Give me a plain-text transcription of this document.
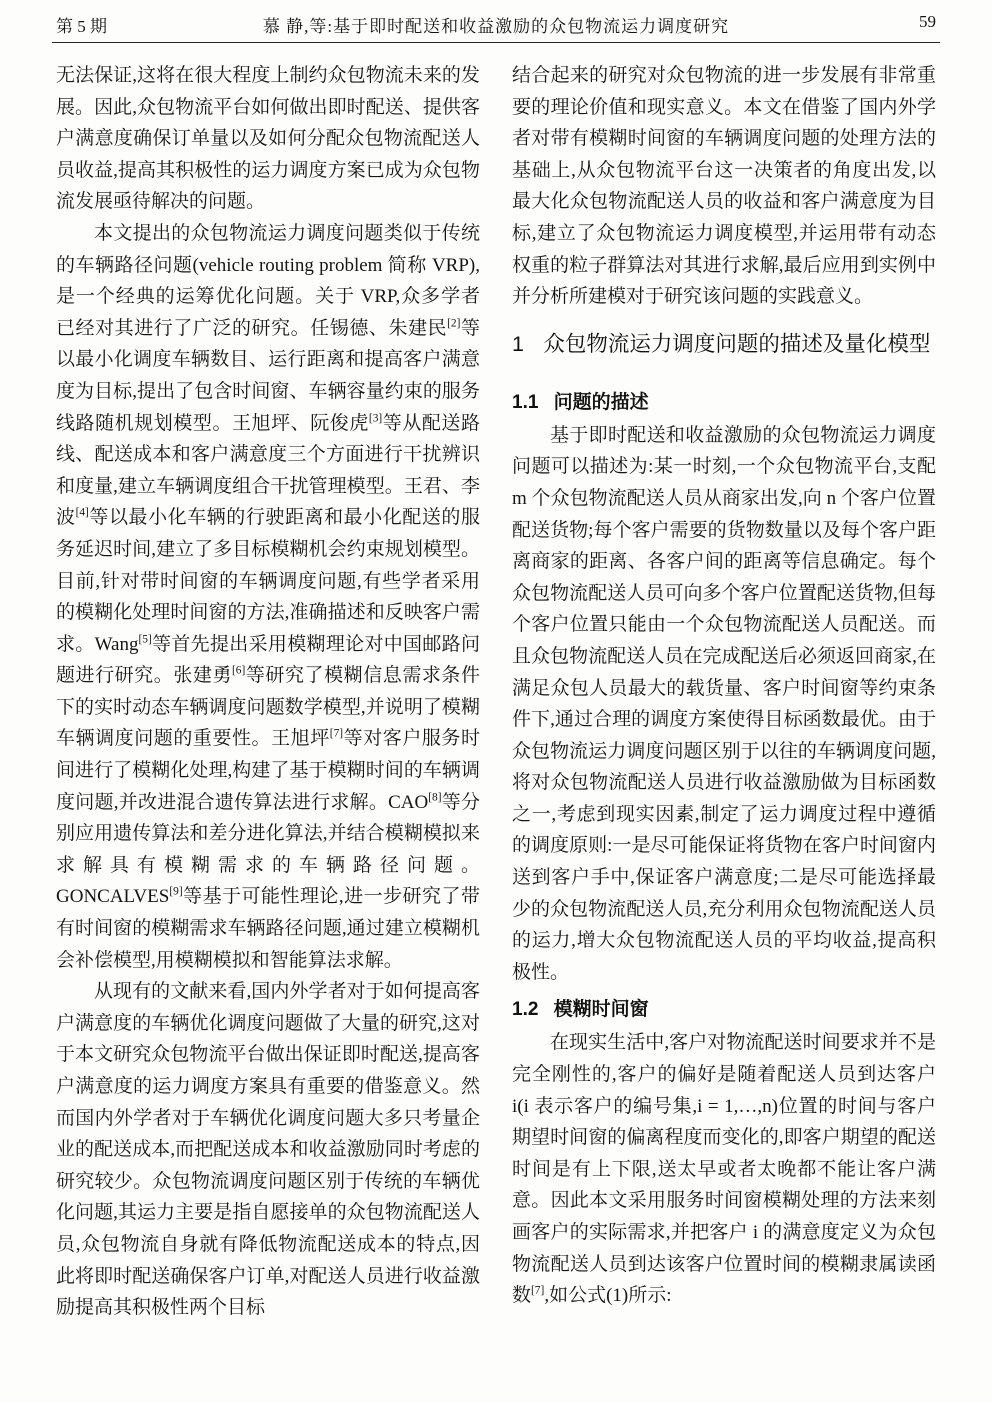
第 5 期	慕 静,等:基于即时配送和收益激励的众包物流运力调度研究	59

无法保证,这将在很大程度上制约众包物流未来的发展。因此,众包物流平台如何做出即时配送、提供客户满意度确保订单量以及如何分配众包物流配送人员收益,提高其积极性的运力调度方案已成为众包物流发展亟待解决的问题。

本文提出的众包物流运力调度问题类似于传统的车辆路径问题(vehicle routing problem 简称 VRP),是一个经典的运筹优化问题。关于 VRP,众多学者已经对其进行了广泛的研究。任锡德、朱建民[2]等以最小化调度车辆数目、运行距离和提高客户满意度为目标,提出了包含时间窗、车辆容量约束的服务线路随机规划模型。王旭坪、阮俊虎[3]等从配送路线、配送成本和客户满意度三个方面进行干扰辨识和度量,建立车辆调度组合干扰管理模型。王君、李波[4]等以最小化车辆的行驶距离和最小化配送的服务延迟时间,建立了多目标模糊机会约束规划模型。目前,针对带时间窗的车辆调度问题,有些学者采用的模糊化处理时间窗的方法,准确描述和反映客户需求。Wang[5]等首先提出采用模糊理论对中国邮路问题进行研究。张建勇[6]等研究了模糊信息需求条件下的实时动态车辆调度问题数学模型,并说明了模糊车辆调度问题的重要性。王旭坪[7]等对客户服务时间进行了模糊化处理,构建了基于模糊时间的车辆调度问题,并改进混合遗传算法进行求解。CAO[8]等分别应用遗传算法和差分进化算法,并结合模糊模拟来求解具有模糊需求的车辆路径问题。GONCALVES[9]等基于可能性理论,进一步研究了带有时间窗的模糊需求车辆路径问题,通过建立模糊机会补偿模型,用模糊模拟和智能算法求解。

从现有的文献来看,国内外学者对于如何提高客户满意度的车辆优化调度问题做了大量的研究,这对于本文研究众包物流平台做出保证即时配送,提高客户满意度的运力调度方案具有重要的借鉴意义。然而国内外学者对于车辆优化调度问题大多只考量企业的配送成本,而把配送成本和收益激励同时考虑的研究较少。众包物流调度问题区别于传统的车辆优化问题,其运力主要是指自愿接单的众包物流配送人员,众包物流自身就有降低物流配送成本的特点,因此将即时配送确保客户订单,对配送人员进行收益激励提高其积极性两个目标

结合起来的研究对众包物流的进一步发展有非常重要的理论价值和现实意义。本文在借鉴了国内外学者对带有模糊时间窗的车辆调度问题的处理方法的基础上,从众包物流平台这一决策者的角度出发,以最大化众包物流配送人员的收益和客户满意度为目标,建立了众包物流运力调度模型,并运用带有动态权重的粒子群算法对其进行求解,最后应用到实例中并分析所建模对于研究该问题的实践意义。

1 众包物流运力调度问题的描述及量化模型
1.1 问题的描述

基于即时配送和收益激励的众包物流运力调度问题可以描述为:某一时刻,一个众包物流平台,支配 m 个众包物流配送人员从商家出发,向 n 个客户位置配送货物;每个客户需要的货物数量以及每个客户距离商家的距离、各客户间的距离等信息确定。每个众包物流配送人员可向多个客户位置配送货物,但每个客户位置只能由一个众包物流配送人员配送。而且众包物流配送人员在完成配送后必须返回商家,在满足众包人员最大的载货量、客户时间窗等约束条件下,通过合理的调度方案使得目标函数最优。由于众包物流运力调度问题区别于以往的车辆调度问题,将对众包物流配送人员进行收益激励做为目标函数之一,考虑到现实因素,制定了运力调度过程中遵循的调度原则:一是尽可能保证将货物在客户时间窗内送到客户手中,保证客户满意度;二是尽可能选择最少的众包物流配送人员,充分利用众包物流配送人员的运力,增大众包物流配送人员的平均收益,提高积极性。

1.2 模糊时间窗

在现实生活中,客户对物流配送时间要求并不是完全刚性的,客户的偏好是随着配送人员到达客户 i(i 表示客户的编号集,i = 1,…,n)位置的时间与客户期望时间窗的偏离程度而变化的,即客户期望的配送时间是有上下限,送太早或者太晚都不能让客户满意。因此本文采用服务时间窗模糊处理的方法来刻画客户的实际需求,并把客户 i 的满意度定义为众包物流配送人员到达该客户位置时间的模糊隶属读函数[7],如公式(1)所示:
